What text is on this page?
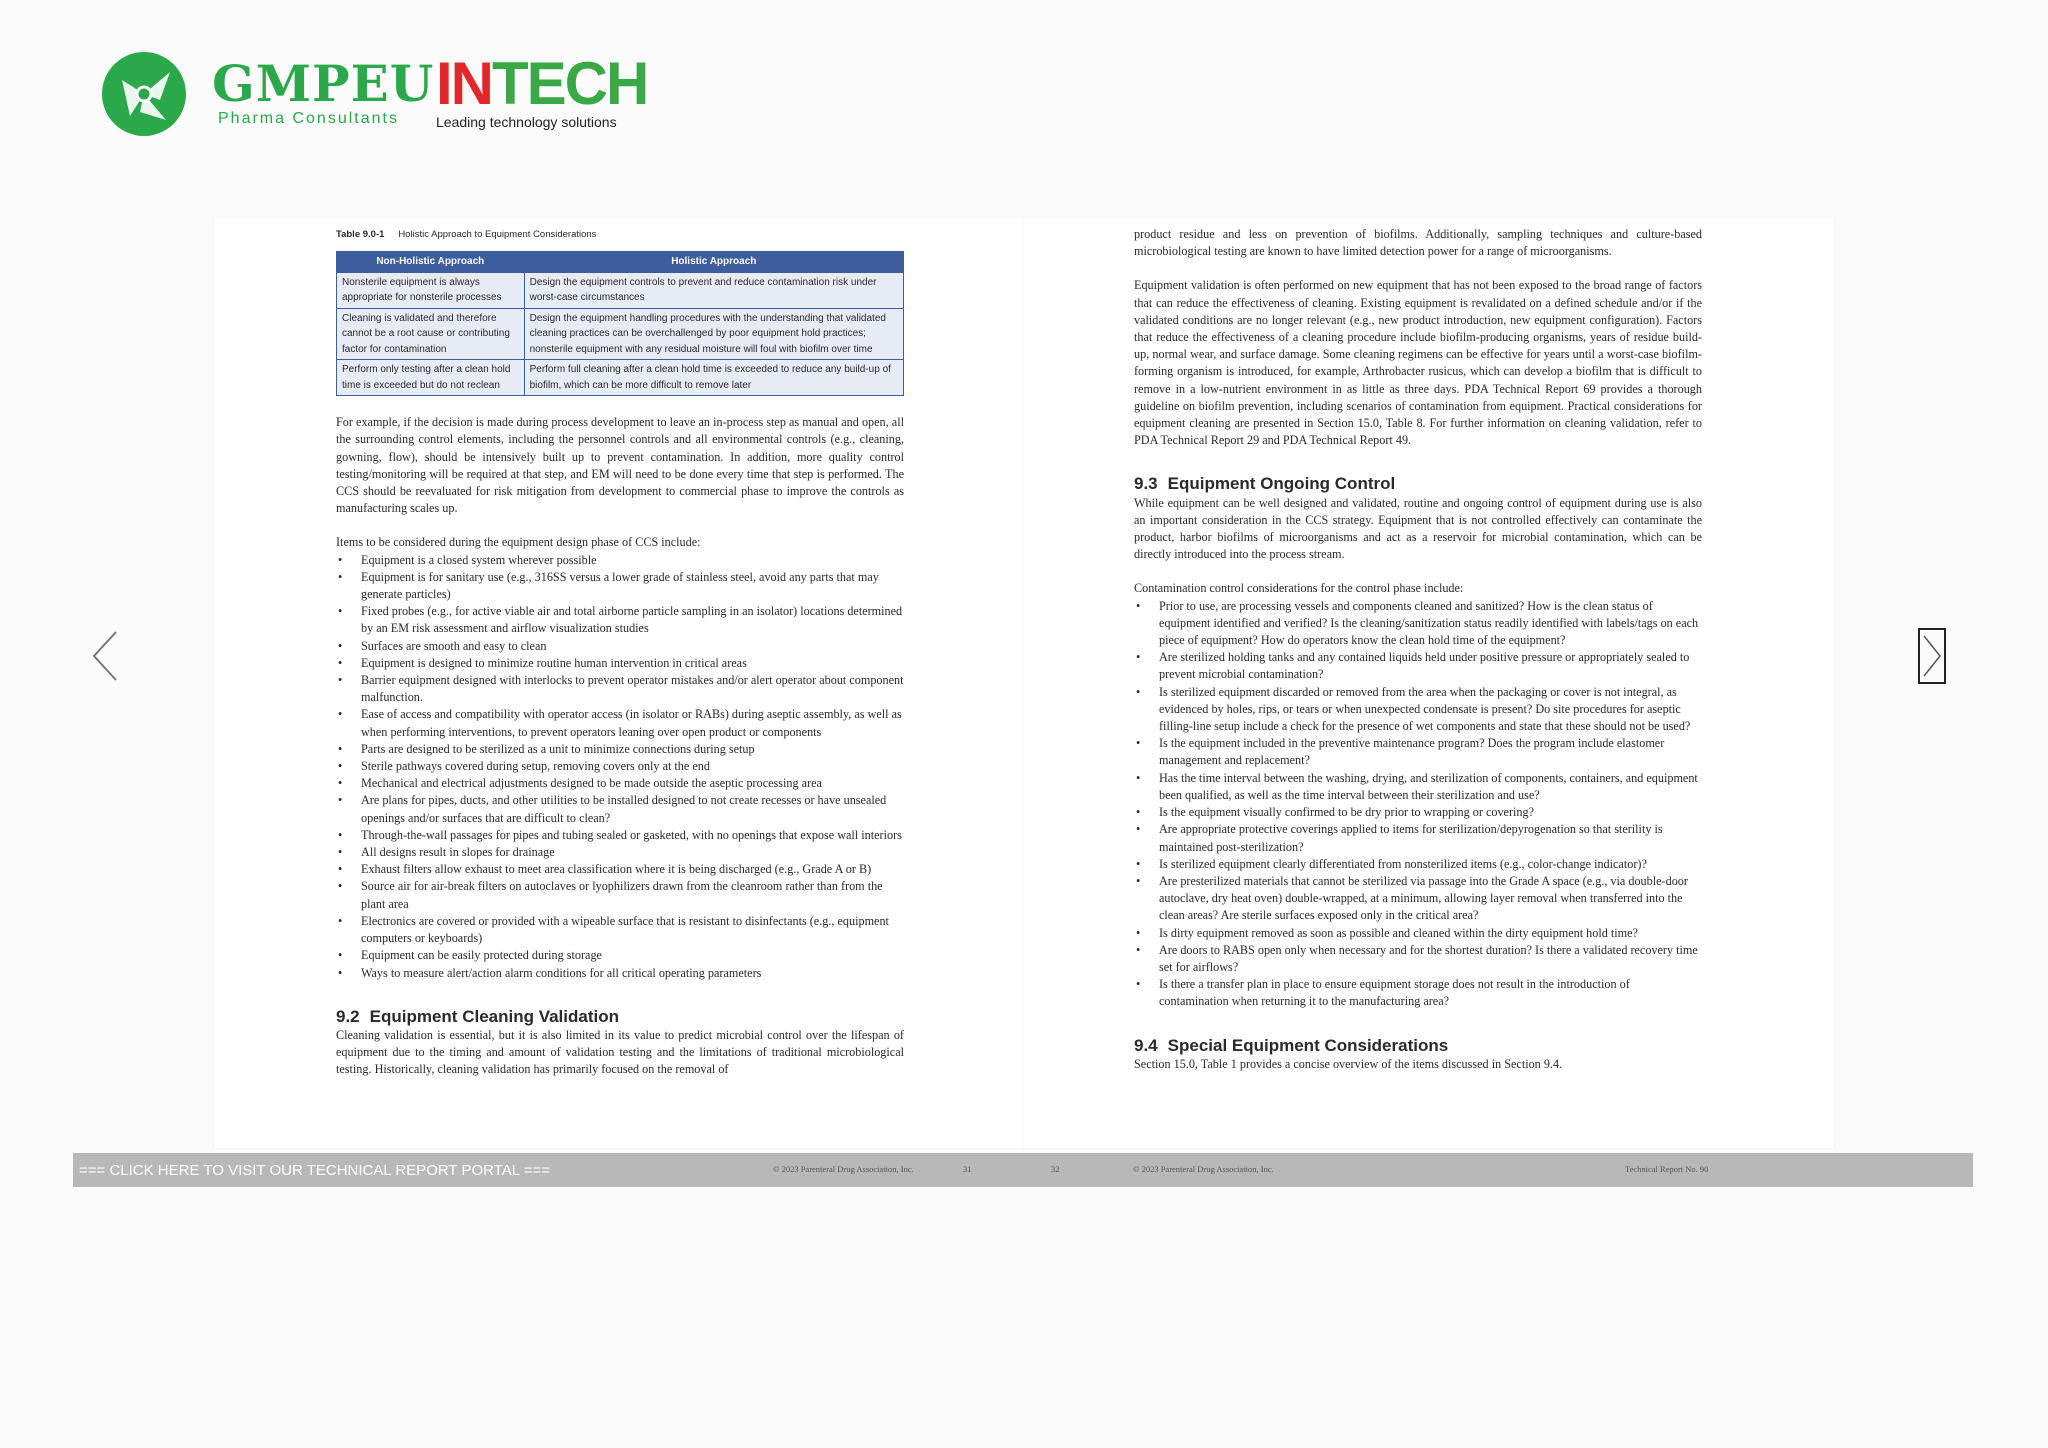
GMPEU
Pharma Consultants
INTECH
Leading technology solutions
Table 9.0-1 Holistic Approach to Equipment Considerations
Non-Holistic Approach	Holistic Approach
Nonsterile equipment is always appropriate for nonsterile processes	Design the equipment controls to prevent and reduce contamination risk under worst-case circumstances
Cleaning is validated and therefore cannot be a root cause or contributing factor for contamination	Design the equipment handling procedures with the understanding that validated cleaning practices can be overchallenged by poor equipment hold practices; nonsterile equipment with any residual moisture will foul with biofilm over time
Perform only testing after a clean hold time is exceeded but do not reclean	Perform full cleaning after a clean hold time is exceeded to reduce any build-up of biofilm, which can be more difficult to remove later

For example, if the decision is made during process development to leave an in-process step as manual and open, all the surrounding control elements, including the personnel controls and all environmental controls (e.g., cleaning, gowning, flow), should be intensively built up to prevent contamination. In addition, more quality control testing/monitoring will be required at that step, and EM will need to be done every time that step is performed. The CCS should be reevaluated for risk mitigation from development to commercial phase to improve the controls as manufacturing scales up.

Items to be considered during the equipment design phase of CCS include:

• Equipment is a closed system wherever possible
• Equipment is for sanitary use (e.g., 316SS versus a lower grade of stainless steel, avoid any parts that may generate particles)
• Fixed probes (e.g., for active viable air and total airborne particle sampling in an isolator) locations determined by an EM risk assessment and airflow visualization studies
• Surfaces are smooth and easy to clean
• Equipment is designed to minimize routine human intervention in critical areas
• Barrier equipment designed with interlocks to prevent operator mistakes and/or alert operator about component malfunction.
• Ease of access and compatibility with operator access (in isolator or RABs) during aseptic assembly, as well as when performing interventions, to prevent operators leaning over open product or components
• Parts are designed to be sterilized as a unit to minimize connections during setup
• Sterile pathways covered during setup, removing covers only at the end
• Mechanical and electrical adjustments designed to be made outside the aseptic processing area
• Are plans for pipes, ducts, and other utilities to be installed designed to not create recesses or have unsealed openings and/or surfaces that are difficult to clean?
• Through-the-wall passages for pipes and tubing sealed or gasketed, with no openings that expose wall interiors
• All designs result in slopes for drainage
• Exhaust filters allow exhaust to meet area classification where it is being discharged (e.g., Grade A or B)
• Source air for air-break filters on autoclaves or lyophilizers drawn from the cleanroom rather than from the plant area
• Electronics are covered or provided with a wipeable surface that is resistant to disinfectants (e.g., equipment computers or keyboards)
• Equipment can be easily protected during storage
• Ways to measure alert/action alarm conditions for all critical operating parameters
9.2 Equipment Cleaning Validation

Cleaning validation is essential, but it is also limited in its value to predict microbial control over the lifespan of equipment due to the timing and amount of validation testing and the limitations of traditional microbiological testing. Historically, cleaning validation has primarily focused on the removal of

product residue and less on prevention of biofilms. Additionally, sampling techniques and culture-based microbiological testing are known to have limited detection power for a range of microorganisms.

Equipment validation is often performed on new equipment that has not been exposed to the broad range of factors that can reduce the effectiveness of cleaning. Existing equipment is revalidated on a defined schedule and/or if the validated conditions are no longer relevant (e.g., new product introduction, new equipment configuration). Factors that reduce the effectiveness of a cleaning procedure include biofilm-producing organisms, years of residue build-up, normal wear, and surface damage. Some cleaning regimens can be effective for years until a worst-case biofilm-forming organism is introduced, for example, Arthrobacter rusicus, which can develop a biofilm that is difficult to remove in a low-nutrient environment in as little as three days. PDA Technical Report 69 provides a thorough guideline on biofilm prevention, including scenarios of contamination from equipment. Practical considerations for equipment cleaning are presented in Section 15.0, Table 8. For further information on cleaning validation, refer to PDA Technical Report 29 and PDA Technical Report 49.

9.3 Equipment Ongoing Control

While equipment can be well designed and validated, routine and ongoing control of equipment during use is also an important consideration in the CCS strategy. Equipment that is not controlled effectively can contaminate the product, harbor biofilms of microorganisms and act as a reservoir for microbial contamination, which can be directly introduced into the process stream.

Contamination control considerations for the control phase include:

• Prior to use, are processing vessels and components cleaned and sanitized? How is the clean status of equipment identified and verified? Is the cleaning/sanitization status readily identified with labels/tags on each piece of equipment? How do operators know the clean hold time of the equipment?
• Are sterilized holding tanks and any contained liquids held under positive pressure or appropriately sealed to prevent microbial contamination?
• Is sterilized equipment discarded or removed from the area when the packaging or cover is not integral, as evidenced by holes, rips, or tears or when unexpected condensate is present? Do site procedures for aseptic filling-line setup include a check for the presence of wet components and state that these should not be used?
• Is the equipment included in the preventive maintenance program? Does the program include elastomer management and replacement?
• Has the time interval between the washing, drying, and sterilization of components, containers, and equipment been qualified, as well as the time interval between their sterilization and use?
• Is the equipment visually confirmed to be dry prior to wrapping or covering?
• Are appropriate protective coverings applied to items for sterilization/depyrogenation so that sterility is maintained post-sterilization?
• Is sterilized equipment clearly differentiated from nonsterilized items (e.g., color-change indicator)?
• Are presterilized materials that cannot be sterilized via passage into the Grade A space (e.g., via double-door autoclave, dry heat oven) double-wrapped, at a minimum, allowing layer removal when transferred into the clean areas? Are sterile surfaces exposed only in the critical area?
• Is dirty equipment removed as soon as possible and cleaned within the dirty equipment hold time?
• Are doors to RABS open only when necessary and for the shortest duration? Is there a validated recovery time set for airflows?
• Is there a transfer plan in place to ensure equipment storage does not result in the introduction of contamination when returning it to the manufacturing area?
9.4 Special Equipment Considerations

Section 15.0, Table 1 provides a concise overview of the items discussed in Section 9.4.

=== CLICK HERE TO VISIT OUR TECHNICAL REPORT PORTAL ===	© 2023 Parenteral Drug Association, Inc.	31	32	© 2023 Parenteral Drug Association, Inc.	Technical Report No. 90
